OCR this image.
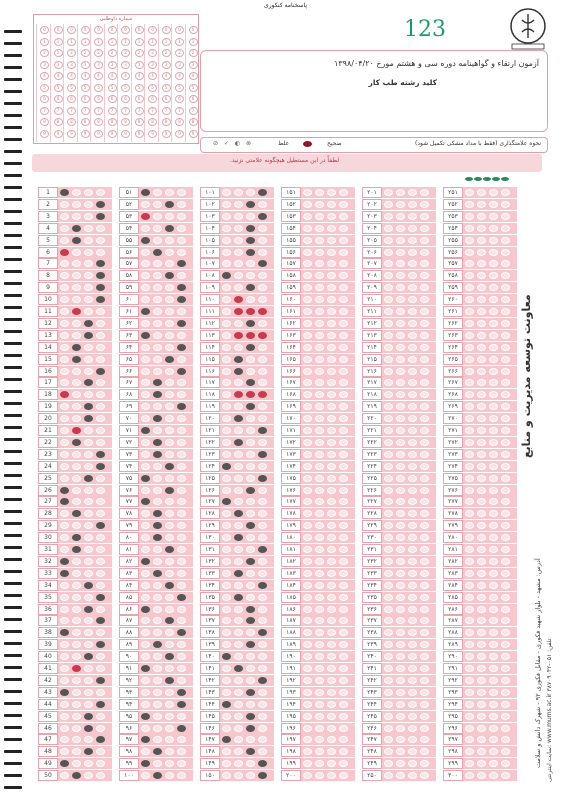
پاسخنامه کنکوری
123
شماره داوطلبی
0
1
2
3
4
5
6
7
8
9
0
1
2
3
4
5
6
7
8
9
0
1
2
3
4
5
6
7
8
9
0
1
2
3
4
5
6
7
8
9
0
1
2
3
4
5
6
7
8
9
0
1
2
3
4
5
6
7
8
9
0
1
2
3
4
5
6
7
8
9
0
1
2
3
4
5
6
7
8
9
0
1
2
3
4
5
6
7
8
9
0
1
2
3
4
5
6
7
8
9
0
1
2
3
4
5
6
7
8
9
0
1
2
3
4
5
6
7
8
9
آزمون ارتقاء و گواهینامه دوره سی و هشتم مورخ ۱۳۹۸/۰۴/۲۰
کلید رشته طب کار
نحوه علامتگذاری (فقط با مداد مشکی تکمیل شود)
صحیح
غلط
⊘ ✓ ◐ ⊗
لطفاً در این مستطیل هیچگونه علامتی نزنید.
1
2
3
4
5
6
7
8
9
10
11
12
13
14
15
16
17
18
19
20
21
22
23
24
25
26
27
28
29
30
31
32
33
34
35
36
37
38
39
40
41
42
43
44
45
46
47
48
49
50
۵۱
۵۲
۵۳
۵۴
۵۵
۵۶
۵۷
۵۸
۵۹
۶۰
۶۱
۶۲
۶۳
۶۴
۶۵
۶۶
۶۷
۶۸
۶۹
۷۰
۷۱
۷۲
۷۳
۷۴
۷۵
۷۶
۷۷
۷۸
۷۹
۸۰
۸۱
۸۲
۸۳
۸۴
۸۵
۸۶
۸۷
۸۸
۸۹
۹۰
۹۱
۹۲
۹۳
۹۴
۹۵
۹۶
۹۷
۹۸
۹۹
۱۰۰
۱۰۱
۱۰۲
۱۰۳
۱۰۴
۱۰۵
۱۰۶
۱۰۷
۱۰۸
۱۰۹
۱۱۰
۱۱۱
۱۱۲
۱۱۳
۱۱۴
۱۱۵
۱۱۶
۱۱۷
۱۱۸
۱۱۹
۱۲۰
۱۲۱
۱۲۲
۱۲۳
۱۲۴
۱۲۵
۱۲۶
۱۲۷
۱۲۸
۱۲۹
۱۳۰
۱۳۱
۱۳۲
۱۳۳
۱۳۴
۱۳۵
۱۳۶
۱۳۷
۱۳۸
۱۳۹
۱۴۰
۱۴۱
۱۴۲
۱۴۳
۱۴۴
۱۴۵
۱۴۶
۱۴۷
۱۴۸
۱۴۹
۱۵۰
۱۵۱
۱۵۲
۱۵۳
۱۵۴
۱۵۵
۱۵۶
۱۵۷
۱۵۸
۱۵۹
۱۶۰
۱۶۱
۱۶۲
۱۶۳
۱۶۴
۱۶۵
۱۶۶
۱۶۷
۱۶۸
۱۶۹
۱۷۰
۱۷۱
۱۷۲
۱۷۳
۱۷۴
۱۷۵
۱۷۶
۱۷۷
۱۷۸
۱۷۹
۱۸۰
۱۸۱
۱۸۲
۱۸۳
۱۸۴
۱۸۵
۱۸۶
۱۸۷
۱۸۸
۱۸۹
۱۹۰
۱۹۱
۱۹۲
۱۹۳
۱۹۴
۱۹۵
۱۹۶
۱۹۷
۱۹۸
۱۹۹
۲۰۰
۲۰۱
۲۰۲
۲۰۳
۲۰۴
۲۰۵
۲۰۶
۲۰۷
۲۰۸
۲۰۹
۲۱۰
۲۱۱
۲۱۲
۲۱۳
۲۱۴
۲۱۵
۲۱۶
۲۱۷
۲۱۸
۲۱۹
۲۲۰
۲۲۱
۲۲۲
۲۲۳
۲۲۴
۲۲۵
۲۲۶
۲۲۷
۲۲۸
۲۲۹
۲۳۰
۲۳۱
۲۳۲
۲۳۳
۲۳۴
۲۳۵
۲۳۶
۲۳۷
۲۳۸
۲۳۹
۲۴۰
۲۴۱
۲۴۲
۲۴۳
۲۴۴
۲۴۵
۲۴۶
۲۴۷
۲۴۸
۲۴۹
۲۵۰
۲۵۱
۲۵۲
۲۵۳
۲۵۴
۲۵۵
۲۵۶
۲۵۷
۲۵۸
۲۵۹
۲۶۰
۲۶۱
۲۶۲
۲۶۳
۲۶۴
۲۶۵
۲۶۶
۲۶۷
۲۶۸
۲۶۹
۲۷۰
۲۷۱
۲۷۲
۲۷۳
۲۷۴
۲۷۵
۲۷۶
۲۷۷
۲۷۸
۲۷۹
۲۸۰
۲۸۱
۲۸۲
۲۸۳
۲۸۴
۲۸۵
۲۸۶
۲۸۷
۲۸۸
۲۸۹
۲۹۰
۲۹۱
۲۹۲
۲۹۳
۲۹۴
۲۹۵
۲۹۶
۲۹۷
۲۹۸
۲۹۹
۳۰۰
معاونت توسعه مدیریت و منابع
آدرس: مشهد - بلوار شهید فکوری - مقابل فکوری ۹۲ - شهرک دانش و سلامت
سایت اینترنتی: www.mums.ac.ir تلفن: ۰۵۱-۳۸۷۰۹۰۴۲
